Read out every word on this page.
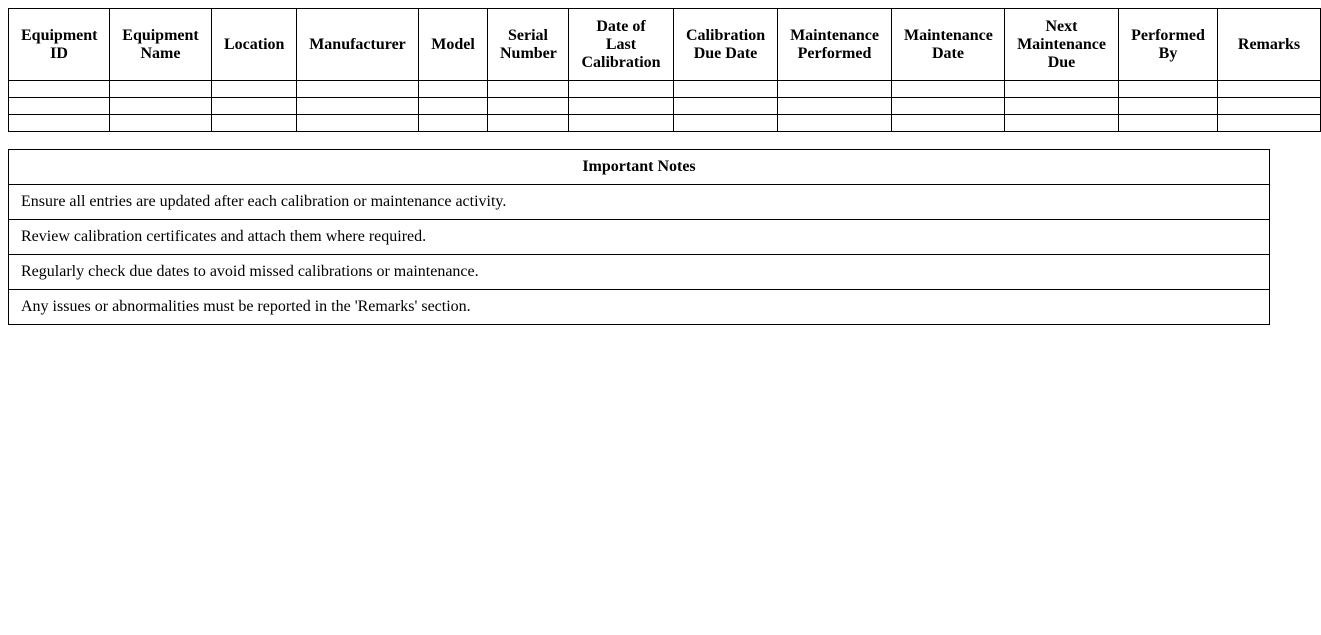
Equipment ID	Equipment Name	Location	Manufacturer	Model	Serial Number	Date of Last Calibration	Calibration Due Date	Maintenance Performed	Maintenance Date	Next Maintenance Due	Performed By	Remarks

Important Notes
Ensure all entries are updated after each calibration or maintenance activity.
Review calibration certificates and attach them where required.
Regularly check due dates to avoid missed calibrations or maintenance.
Any issues or abnormalities must be reported in the 'Remarks' section.
